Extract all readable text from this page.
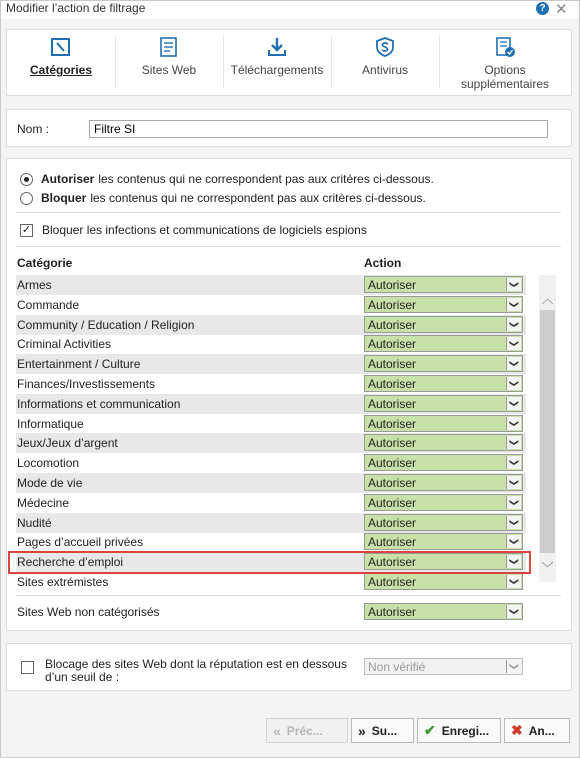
Modifier l’action de filtrage	? ✕
Catégories	Sites Web	Téléchargements	Antivirus	Options supplémentaires
Nom :
Filtre SI
Autoriser les contenus qui ne correspondent pas aux critères ci-dessous.
Bloquer les contenus qui ne correspondent pas aux critères ci-dessous.
✓ Bloquer les infections et communications de logiciels espions
Catégorie	Action
Armes	Autoriser	❯
Commande	Autoriser	❯
Community / Education / Religion	Autoriser	❯
Criminal Activities	Autoriser	❯
Entertainment / Culture	Autoriser	❯
Finances/Investissements	Autoriser	❯
Informations et communication	Autoriser	❯
Informatique	Autoriser	❯
Jeux/Jeux d’argent	Autoriser	❯
Locomotion	Autoriser	❯
Mode de vie	Autoriser	❯
Médecine	Autoriser	❯
Nudité	Autoriser	❯
Pages d’accueil privées	Autoriser	❯
Recherche d’emploi	Autoriser	❯
Sites extrémistes	Autoriser	❯
︿
﹀
Sites Web non catégorisés	Autoriser	❯
Blocage des sites Web dont la réputation est en dessous d’un seuil de :
Non vérifié	❯
« Préc...	» Su... ✔ Enregi... ✖ An...
